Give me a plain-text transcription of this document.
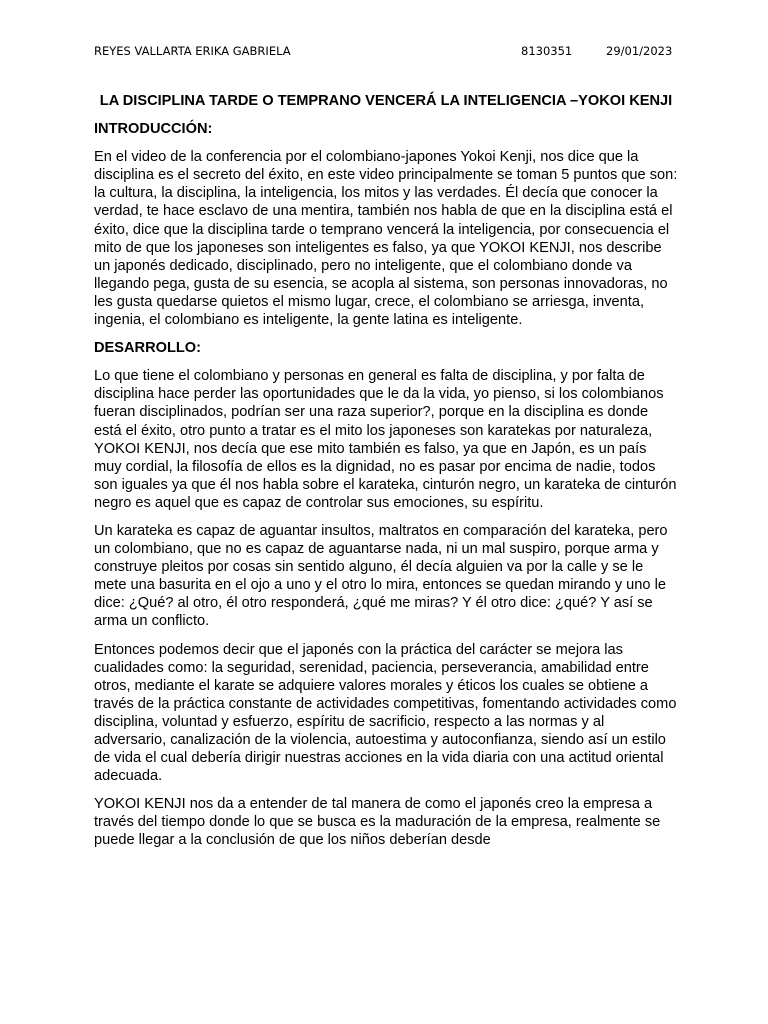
REYES VALLARTA ERIKA GABRIELA	8130351	29/01/2023
LA DISCIPLINA TARDE O TEMPRANO VENCERÁ LA INTELIGENCIA –YOKOI KENJI
INTRODUCCIÓN:

En el video de la conferencia por el colombiano-japones Yokoi Kenji, nos dice que la disciplina es el secreto del éxito, en este video principalmente se toman 5 puntos que son: la cultura, la disciplina, la inteligencia, los mitos y las verdades. Él decía que conocer la verdad, te hace esclavo de una mentira, también nos habla de que en la disciplina está el éxito, dice que la disciplina tarde o temprano vencerá la inteligencia, por consecuencia el mito de que los japoneses son inteligentes es falso, ya que YOKOI KENJI, nos describe un japonés dedicado, disciplinado, pero no inteligente, que el colombiano donde va llegando pega, gusta de su esencia, se acopla al sistema, son personas innovadoras, no les gusta quedarse quietos el mismo lugar, crece, el colombiano se arriesga, inventa, ingenia, el colombiano es inteligente, la gente latina es inteligente.

DESARROLLO:

Lo que tiene el colombiano y personas en general es falta de disciplina, y por falta de disciplina hace perder las oportunidades que le da la vida, yo pienso, si los colombianos fueran disciplinados, podrían ser una raza superior?, porque en la disciplina es donde está el éxito, otro punto a tratar es el mito los japoneses son karatekas por naturaleza, YOKOI KENJI, nos decía que ese mito también es falso, ya que en Japón, es un país muy cordial, la filosofía de ellos es la dignidad, no es pasar por encima de nadie, todos son iguales ya que él nos habla sobre el karateka, cinturón negro, un karateka de cinturón negro es aquel que es capaz de controlar sus emociones, su espíritu.

Un karateka es capaz de aguantar insultos, maltratos en comparación del karateka, pero un colombiano, que no es capaz de aguantarse nada, ni un mal suspiro, porque arma y construye pleitos por cosas sin sentido alguno, él decía alguien va por la calle y se le mete una basurita en el ojo a uno y el otro lo mira, entonces se quedan mirando y uno le dice: ¿Qué? al otro, él otro responderá, ¿qué me miras? Y él otro dice: ¿qué? Y así se arma un conflicto.

Entonces podemos decir que el japonés con la práctica del carácter se mejora las cualidades como: la seguridad, serenidad, paciencia, perseverancia, amabilidad entre otros, mediante el karate se adquiere valores morales y éticos los cuales se obtiene a través de la práctica constante de actividades competitivas, fomentando actividades como disciplina, voluntad y esfuerzo, espíritu de sacrificio, respecto a las normas y al adversario, canalización de la violencia, autoestima y autoconfianza, siendo así un estilo de vida el cual debería dirigir nuestras acciones en la vida diaria con una actitud oriental adecuada.

YOKOI KENJI nos da a entender de tal manera de como el japonés creo la empresa a través del tiempo donde lo que se busca es la maduración de la empresa, realmente se puede llegar a la conclusión de que los niños deberían desde
